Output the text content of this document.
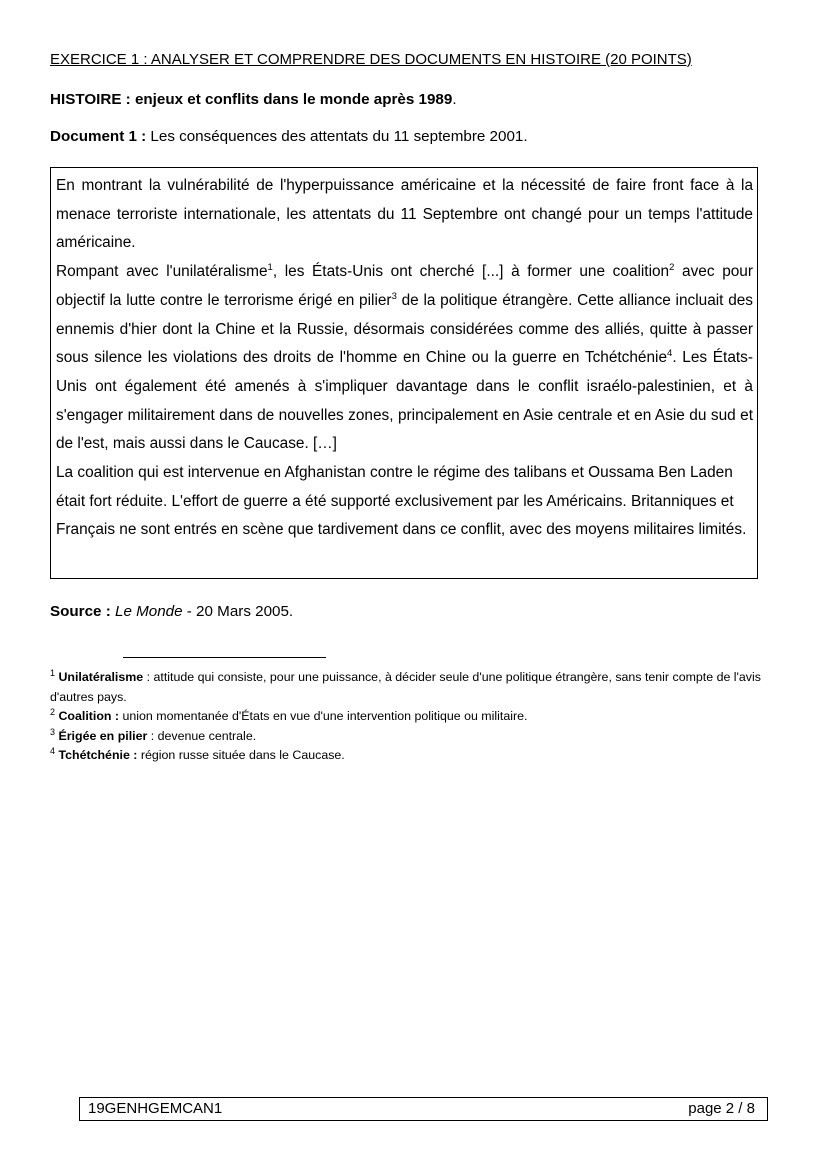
EXERCICE 1 : ANALYSER ET COMPRENDRE DES DOCUMENTS EN HISTOIRE (20 POINTS)
HISTOIRE : enjeux et conflits dans le monde après 1989.
Document 1 : Les conséquences des attentats du 11 septembre 2001.

En montrant la vulnérabilité de l'hyperpuissance américaine et la nécessité de faire front face à la menace terroriste internationale, les attentats du 11 Septembre ont changé pour un temps l'attitude américaine.

Rompant avec l'unilatéralisme$^1$, les États-Unis ont cherché [...] à former une coalition$^2$ avec pour objectif la lutte contre le terrorisme érigé en pilier$^3$ de la politique étrangère. Cette alliance incluait des ennemis d'hier dont la Chine et la Russie, désormais considérées comme des alliés, quitte à passer sous silence les violations des droits de l'homme en Chine ou la guerre en Tchétchénie$^4$. Les États-Unis ont également été amenés à s'impliquer davantage dans le conflit israélo-palestinien, et à s'engager militairement dans de nouvelles zones, principalement en Asie centrale et en Asie du sud et de l'est, mais aussi dans le Caucase. […]

La coalition qui est intervenue en Afghanistan contre le régime des talibans et Oussama Ben Laden était fort réduite. L'effort de guerre a été supporté exclusivement par les Américains. Britanniques et Français ne sont entrés en scène que tardivement dans ce conflit, avec des moyens militaires limités.

Source : Le Monde - 20 Mars 2005.

$^1$ Unilatéralisme : attitude qui consiste, pour une puissance, à décider seule d'une politique étrangère, sans tenir compte de l'avis d'autres pays.

$^2$ Coalition : union momentanée d'États en vue d'une intervention politique ou militaire.

$^3$ Érigée en pilier : devenue centrale.

$^4$ Tchétchénie : région russe située dans le Caucase.

19GENHGEMCAN1	page 2 / 8
